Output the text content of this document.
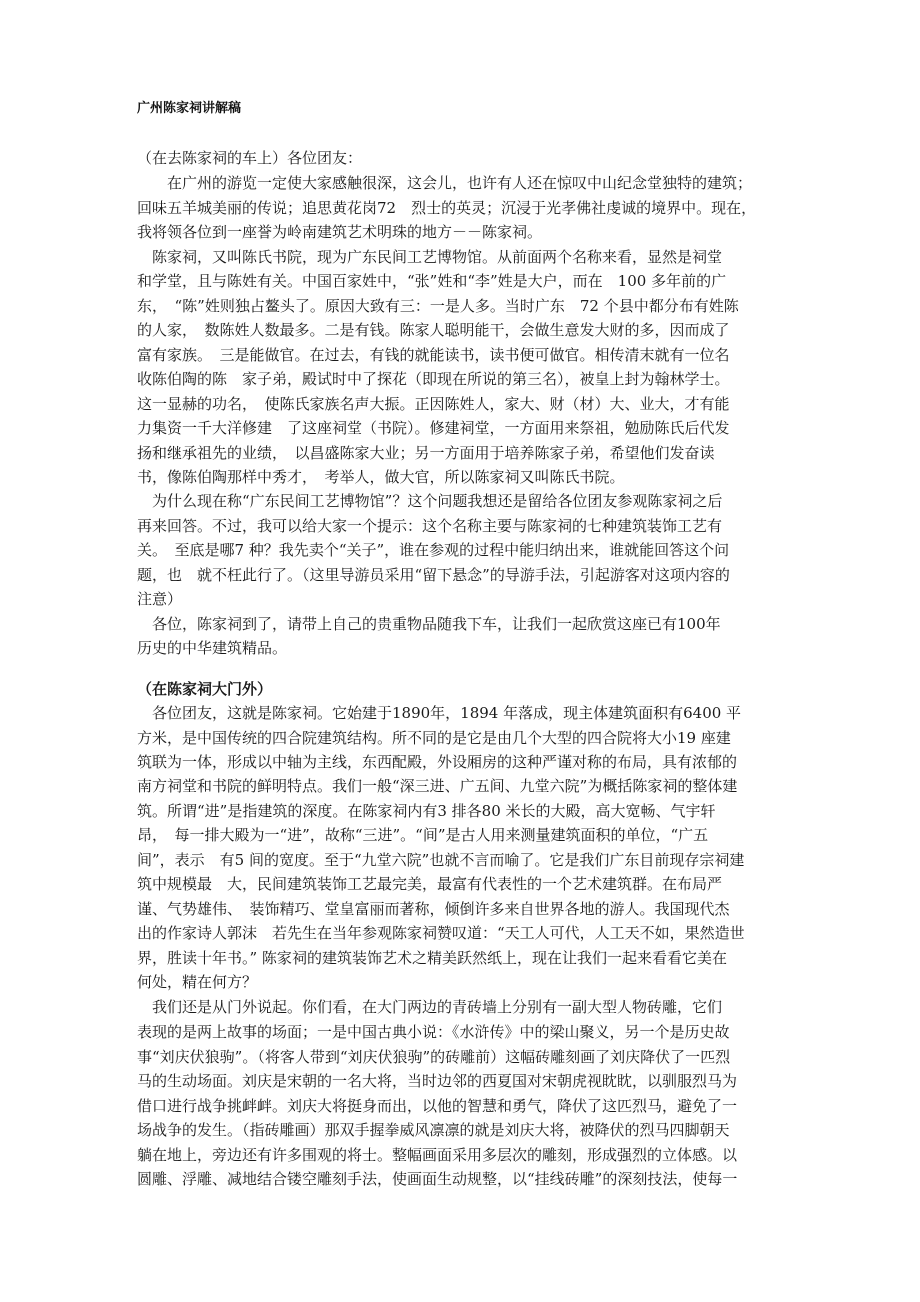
广州陈家祠讲解稿
（在去陈家祠的车上）各位团友：
　　在广州的游览一定使大家感触很深，这会儿，也许有人还在惊叹中山纪念堂独特的建筑；
回味五羊城美丽的传说；追思黄花岗72　烈士的英灵；沉浸于光孝佛社虔诚的境界中。现在，
我将领各位到一座誉为岭南建筑艺术明珠的地方－－陈家祠。
　陈家祠，又叫陈氏书院，现为广东民间工艺博物馆。从前面两个名称来看，显然是祠堂
和学堂，且与陈姓有关。中国百家姓中，“张”姓和“李”姓是大户，而在　100 多年前的广
东，　“陈”姓则独占鳌头了。原因大致有三：一是人多。当时广东　72 个县中都分布有姓陈
的人家，　数陈姓人数最多。二是有钱。陈家人聪明能干，会做生意发大财的多，因而成了
富有家族。　三是能做官。在过去，有钱的就能读书，读书便可做官。相传清末就有一位名
收陈伯陶的陈　家子弟，殿试时中了探花（即现在所说的第三名），被皇上封为翰林学士。
这一显赫的功名，　使陈氏家族名声大振。正因陈姓人，家大、财（材）大、业大，才有能
力集资一千大洋修建　了这座祠堂（书院）。修建祠堂，一方面用来祭祖，勉励陈氏后代发
扬和继承祖先的业绩，　以昌盛陈家大业；另一方面用于培养陈家子弟，希望他们发奋读
书，像陈伯陶那样中秀才，　考举人，做大官，所以陈家祠又叫陈氏书院。
　为什么现在称“广东民间工艺博物馆”？这个问题我想还是留给各位团友参观陈家祠之后
再来回答。不过，我可以给大家一个提示：这个名称主要与陈家祠的七种建筑装饰工艺有
关。　至底是哪7 种？我先卖个“关子”，谁在参观的过程中能归纳出来，谁就能回答这个问
题，也　就不枉此行了。（这里导游员采用“留下悬念”的导游手法，引起游客对这项内容的
注意）
　各位，陈家祠到了，请带上自己的贵重物品随我下车，让我们一起欣赏这座已有100年
历史的中华建筑精品。
（在陈家祠大门外）
　各位团友，这就是陈家祠。它始建于1890年，1894 年落成，现主体建筑面积有6400 平
方米，是中国传统的四合院建筑结构。所不同的是它是由几个大型的四合院将大小19 座建
筑联为一体，形成以中轴为主线，东西配殿，外设厢房的这种严谨对称的布局，具有浓郁的
南方祠堂和书院的鲜明特点。我们一般“深三进、广五间、九堂六院”为概括陈家祠的整体建
筑。所谓“进”是指建筑的深度。在陈家祠内有3 排各80 米长的大殿，高大宽畅、气宇轩
昂，　每一排大殿为一“进”，故称“三进”。“间”是古人用来测量建筑面积的单位，“广五
间”，表示　有5 间的宽度。至于“九堂六院”也就不言而喻了。它是我们广东目前现存宗祠建
筑中规模最　大，民间建筑装饰工艺最完美，最富有代表性的一个艺术建筑群。在布局严
谨、气势雄伟、　装饰精巧、堂皇富丽而著称，倾倒许多来自世界各地的游人。我国现代杰
出的作家诗人郭沫　若先生在当年参观陈家祠赞叹道：“天工人可代，人工天不如，果然造世
界，胜读十年书。” 陈家祠的建筑装饰艺术之精美跃然纸上，现在让我们一起来看看它美在
何处，精在何方？
　我们还是从门外说起。你们看，在大门两边的青砖墙上分别有一副大型人物砖雕，它们
表现的是两上故事的场面；一是中国古典小说：《水浒传》中的梁山聚义，另一个是历史故
事“刘庆伏狼驹”。（将客人带到“刘庆伏狼驹”的砖雕前）这幅砖雕刻画了刘庆降伏了一匹烈
马的生动场面。刘庆是宋朝的一名大将，当时边邻的西夏国对宋朝虎视眈眈，以驯服烈马为
借口进行战争挑衅衅。刘庆大将挺身而出，以他的智慧和勇气，降伏了这匹烈马，避免了一
场战争的发生。（指砖雕画）那双手握拳威风凛凛的就是刘庆大将，被降伏的烈马四脚朝天
躺在地上，旁边还有许多围观的将士。整幅画面采用多层次的雕刻，形成强烈的立体感。以
圆雕、浮雕、减地结合镂空雕刻手法，使画面生动规整，以“挂线砖雕”的深刻技法，使每一
